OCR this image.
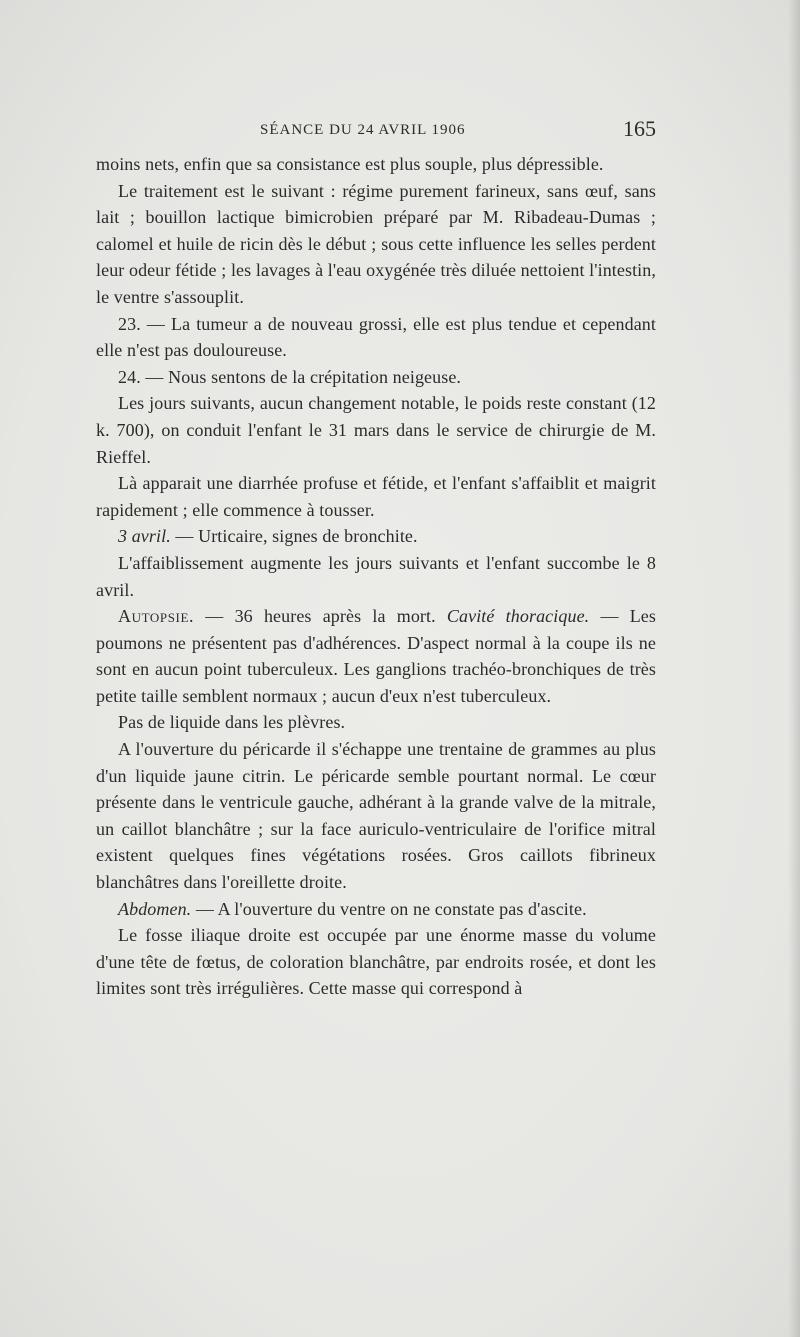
SÉANCE DU 24 AVRIL 1906	165

moins nets, enfin que sa consistance est plus souple, plus dépressible.

Le traitement est le suivant : régime purement farineux, sans œuf, sans lait ; bouillon lactique bimicrobien préparé par M. Ribadeau-Dumas ; calomel et huile de ricin dès le début ; sous cette influence les selles perdent leur odeur fétide ; les lavages à l'eau oxygénée très diluée nettoient l'intestin, le ventre s'assouplit.

23. — La tumeur a de nouveau grossi, elle est plus tendue et cependant elle n'est pas douloureuse.

24. — Nous sentons de la crépitation neigeuse.

Les jours suivants, aucun changement notable, le poids reste constant (12 k. 700), on conduit l'enfant le 31 mars dans le service de chirurgie de M. Rieffel.

Là apparait une diarrhée profuse et fétide, et l'enfant s'affaiblit et maigrit rapidement ; elle commence à tousser.

3 avril. — Urticaire, signes de bronchite.

L'affaiblissement augmente les jours suivants et l'enfant succombe le 8 avril.

Autopsie. — 36 heures après la mort. Cavité thoracique. — Les poumons ne présentent pas d'adhérences. D'aspect normal à la coupe ils ne sont en aucun point tuberculeux. Les ganglions trachéo-bronchiques de très petite taille semblent normaux ; aucun d'eux n'est tuberculeux.

Pas de liquide dans les plèvres.

A l'ouverture du péricarde il s'échappe une trentaine de grammes au plus d'un liquide jaune citrin. Le péricarde semble pourtant normal. Le cœur présente dans le ventricule gauche, adhérant à la grande valve de la mitrale, un caillot blanchâtre ; sur la face auriculo-ventriculaire de l'orifice mitral existent quelques fines végétations rosées. Gros caillots fibrineux blanchâtres dans l'oreillette droite.

Abdomen. — A l'ouverture du ventre on ne constate pas d'ascite.

Le fosse iliaque droite est occupée par une énorme masse du volume d'une tête de fœtus, de coloration blanchâtre, par endroits rosée, et dont les limites sont très irrégulières. Cette masse qui correspond à
